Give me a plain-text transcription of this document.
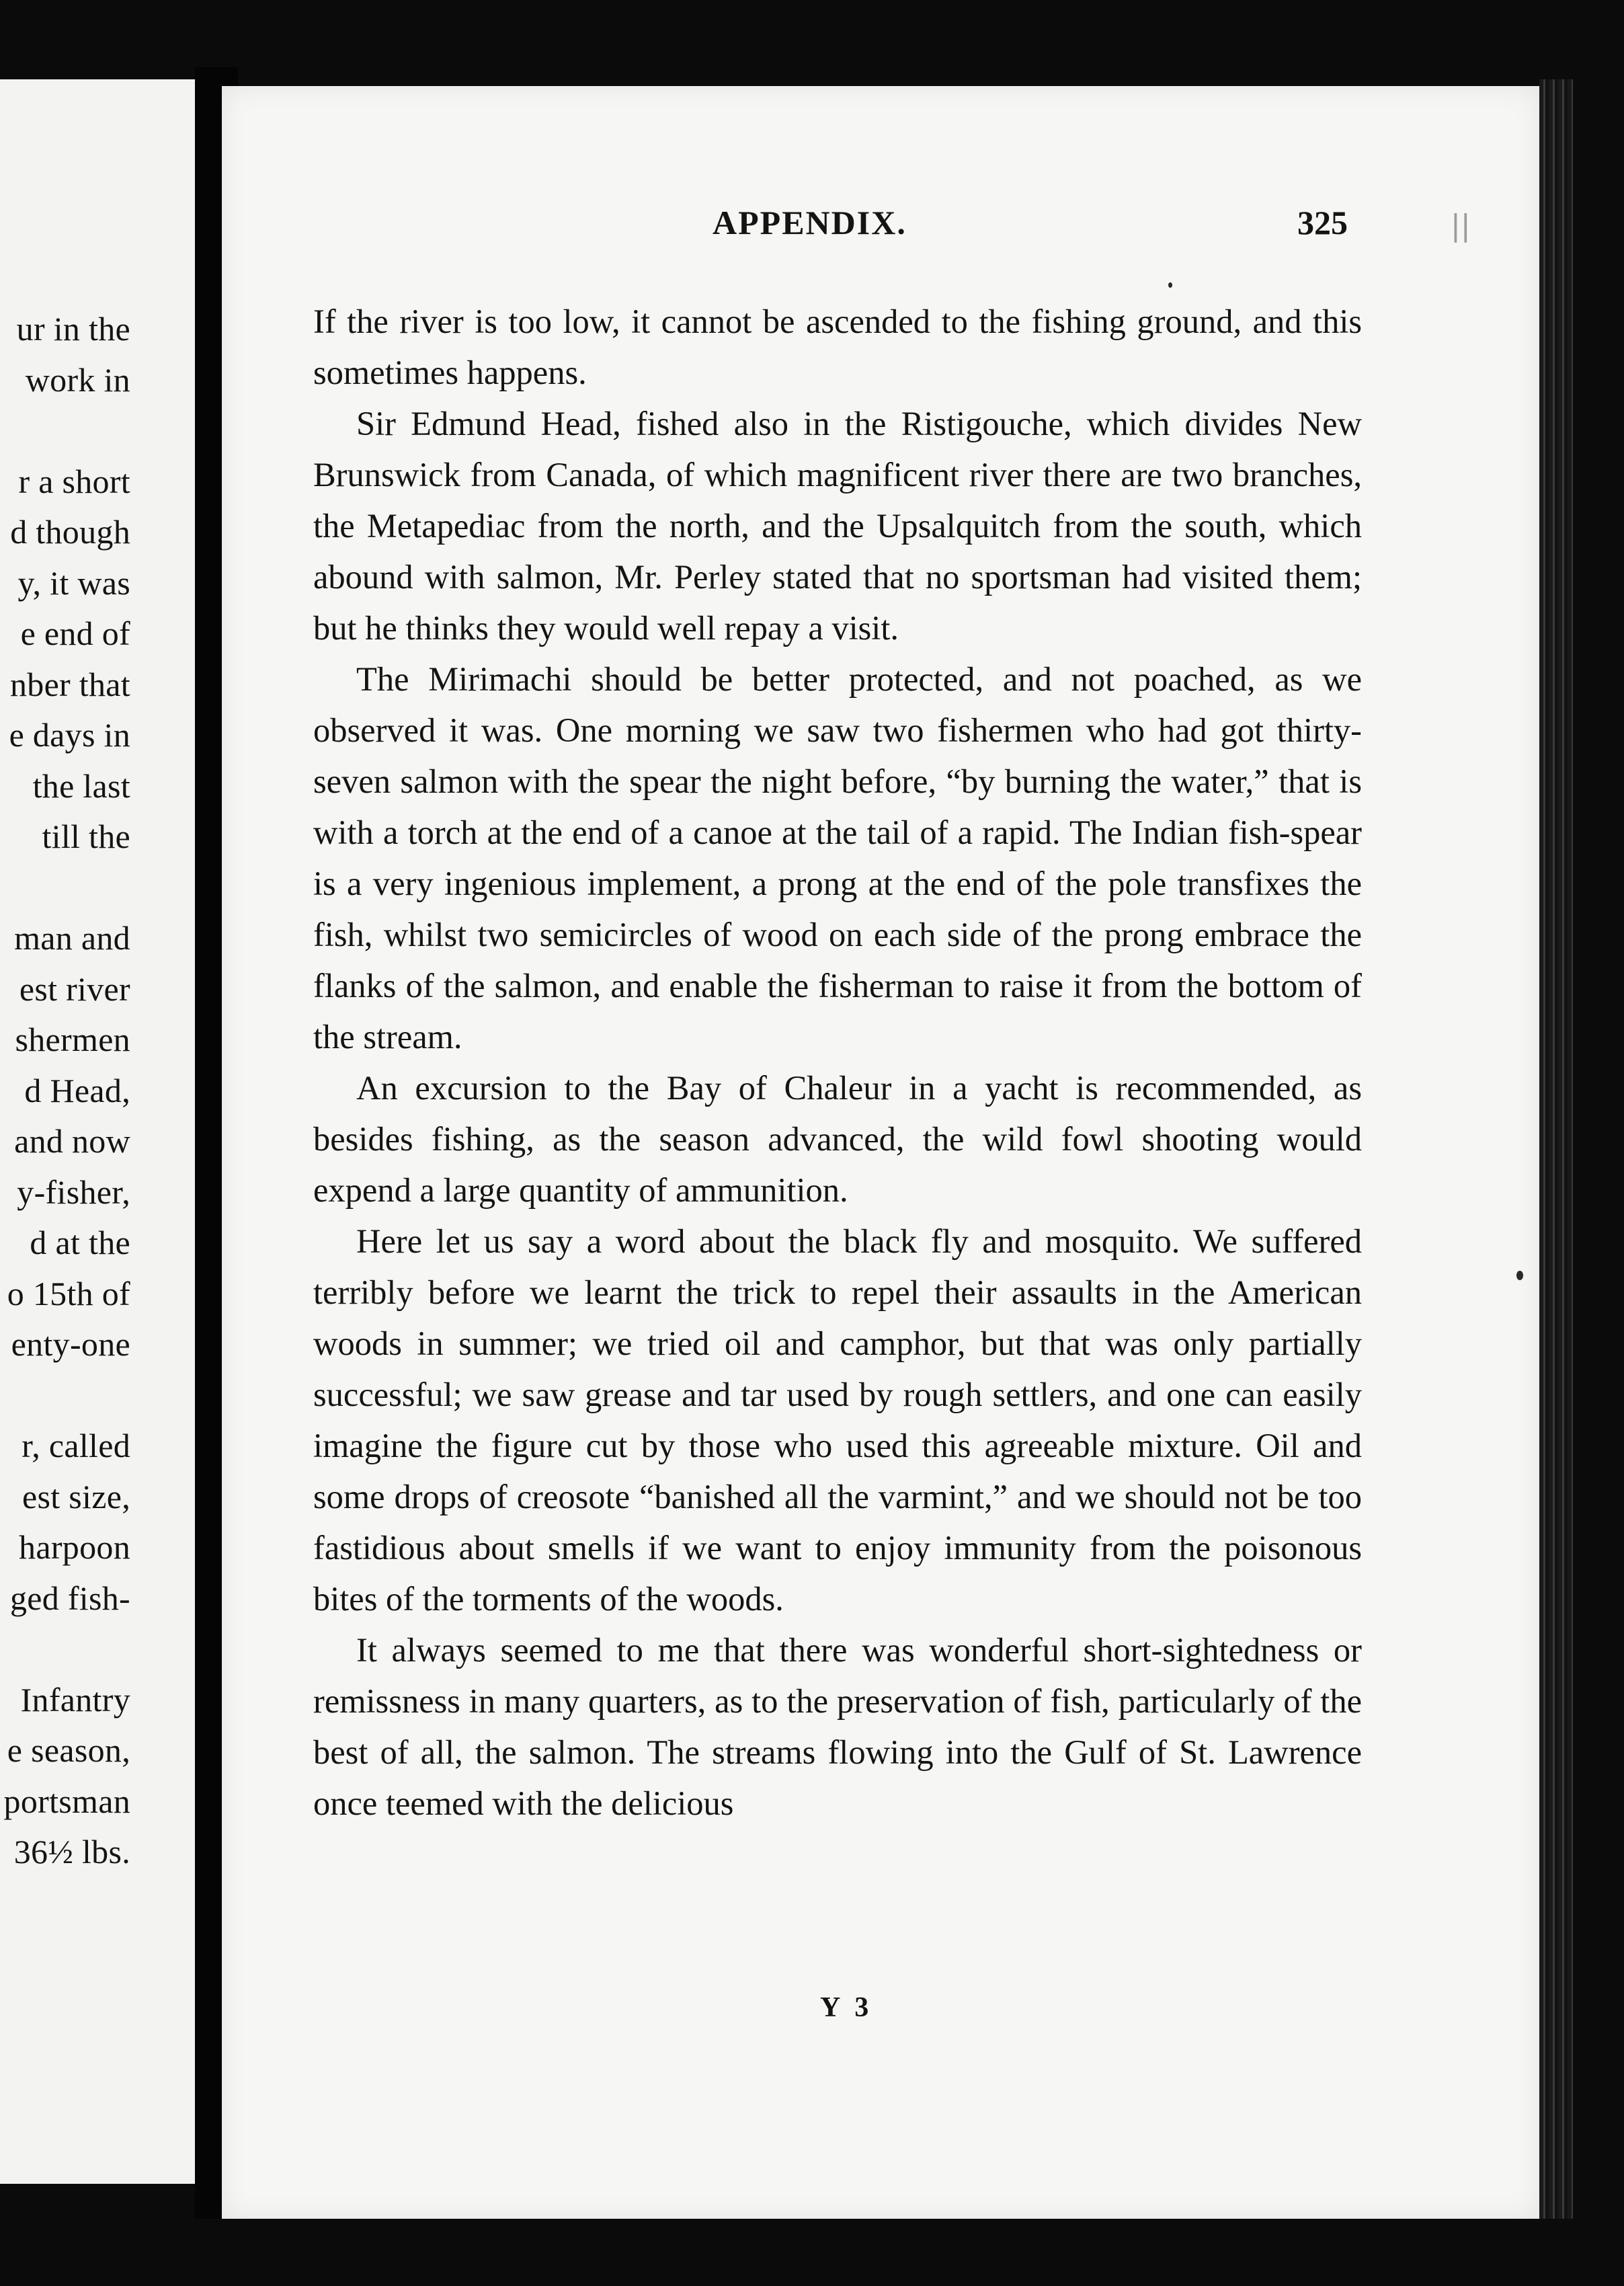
ur in the
work in
r a short
d though
y, it was
e end of
nber that
e days in
the last
till the
man and
est river
shermen
d Head,
and now
y-fisher,
d at the
o 15th of
enty-one
r, called
est size,
harpoon
ged fish-
Infantry
e season,
portsman
36½ lbs.
APPENDIX.	325	||

If the river is too low, it cannot be ascended to the fishing ground, and this sometimes happens.

Sir Edmund Head, fished also in the Ristigouche, which divides New Brunswick from Canada, of which magnificent river there are two branches, the Metapediac from the north, and the Upsalquitch from the south, which abound with salmon, Mr. Perley stated that no sportsman had visited them; but he thinks they would well repay a visit.

The Mirimachi should be better protected, and not poached, as we observed it was. One morning we saw two fishermen who had got thirty-seven salmon with the spear the night before, “by burning the water,” that is with a torch at the end of a canoe at the tail of a rapid. The Indian fish-spear is a very ingenious implement, a prong at the end of the pole transfixes the fish, whilst two semicircles of wood on each side of the prong embrace the flanks of the salmon, and enable the fisherman to raise it from the bottom of the stream.

An excursion to the Bay of Chaleur in a yacht is recommended, as besides fishing, as the season advanced, the wild fowl shooting would expend a large quantity of ammunition.

Here let us say a word about the black fly and mosquito. We suffered terribly before we learnt the trick to repel their assaults in the American woods in summer; we tried oil and camphor, but that was only partially successful; we saw grease and tar used by rough settlers, and one can easily imagine the figure cut by those who used this agreeable mixture. Oil and some drops of creosote “banished all the varmint,” and we should not be too fastidious about smells if we want to enjoy immunity from the poisonous bites of the torments of the woods.

It always seemed to me that there was wonderful short-sightedness or remissness in many quarters, as to the preservation of fish, particularly of the best of all, the salmon. The streams flowing into the Gulf of St. Lawrence once teemed with the delicious

Y 3
